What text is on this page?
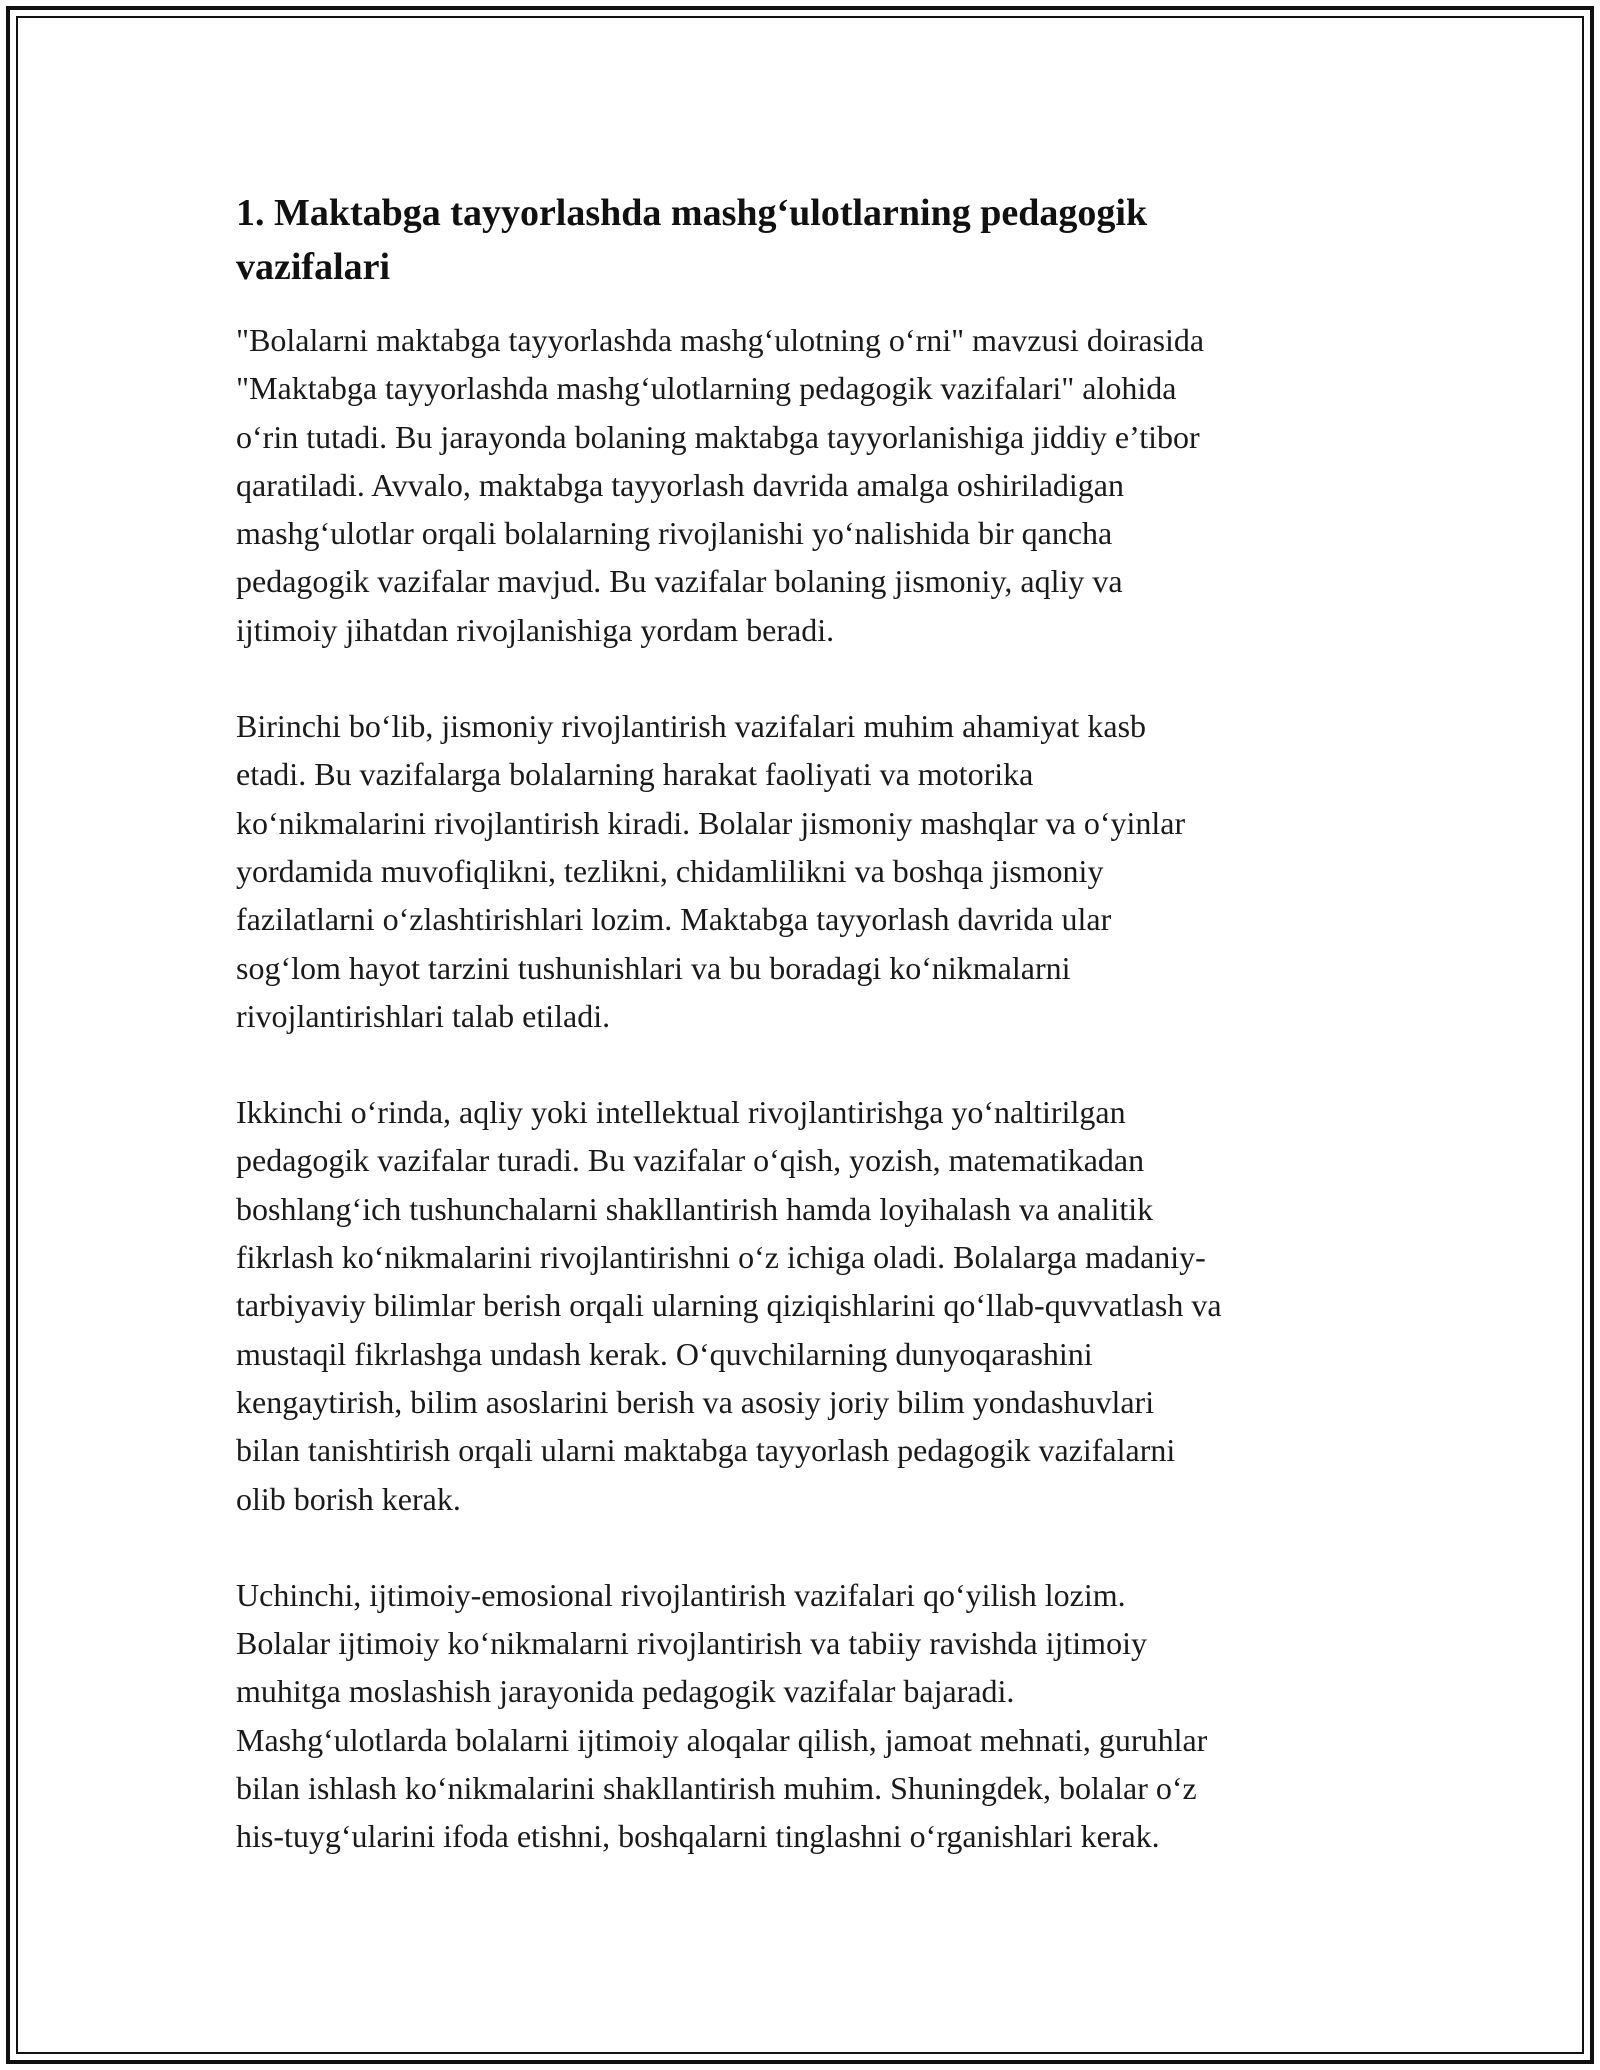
1. Maktabga tayyorlashda mashg‘ulotlarning pedagogik
vazifalari

"Bolalarni maktabga tayyorlashda mashg‘ulotning o‘rni" mavzusi doirasida
"Maktabga tayyorlashda mashg‘ulotlarning pedagogik vazifalari" alohida
o‘rin tutadi. Bu jarayonda bolaning maktabga tayyorlanishiga jiddiy e’tibor
qaratiladi. Avvalo, maktabga tayyorlash davrida amalga oshiriladigan
mashg‘ulotlar orqali bolalarning rivojlanishi yo‘nalishida bir qancha
pedagogik vazifalar mavjud. Bu vazifalar bolaning jismoniy, aqliy va
ijtimoiy jihatdan rivojlanishiga yordam beradi.

Birinchi bo‘lib, jismoniy rivojlantirish vazifalari muhim ahamiyat kasb
etadi. Bu vazifalarga bolalarning harakat faoliyati va motorika
ko‘nikmalarini rivojlantirish kiradi. Bolalar jismoniy mashqlar va o‘yinlar
yordamida muvofiqlikni, tezlikni, chidamlilikni va boshqa jismoniy
fazilatlarni o‘zlashtirishlari lozim. Maktabga tayyorlash davrida ular
sog‘lom hayot tarzini tushunishlari va bu boradagi ko‘nikmalarni
rivojlantirishlari talab etiladi.

Ikkinchi o‘rinda, aqliy yoki intellektual rivojlantirishga yo‘naltirilgan
pedagogik vazifalar turadi. Bu vazifalar o‘qish, yozish, matematikadan
boshlang‘ich tushunchalarni shakllantirish hamda loyihalash va analitik
fikrlash ko‘nikmalarini rivojlantirishni o‘z ichiga oladi. Bolalarga madaniy-
tarbiyaviy bilimlar berish orqali ularning qiziqishlarini qo‘llab-quvvatlash va
mustaqil fikrlashga undash kerak. O‘quvchilarning dunyoqarashini
kengaytirish, bilim asoslarini berish va asosiy joriy bilim yondashuvlari
bilan tanishtirish orqali ularni maktabga tayyorlash pedagogik vazifalarni
olib borish kerak.

Uchinchi, ijtimoiy-emosional rivojlantirish vazifalari qo‘yilish lozim.
Bolalar ijtimoiy ko‘nikmalarni rivojlantirish va tabiiy ravishda ijtimoiy
muhitga moslashish jarayonida pedagogik vazifalar bajaradi.
Mashg‘ulotlarda bolalarni ijtimoiy aloqalar qilish, jamoat mehnati, guruhlar
bilan ishlash ko‘nikmalarini shakllantirish muhim. Shuningdek, bolalar o‘z
his-tuyg‘ularini ifoda etishni, boshqalarni tinglashni o‘rganishlari kerak.
